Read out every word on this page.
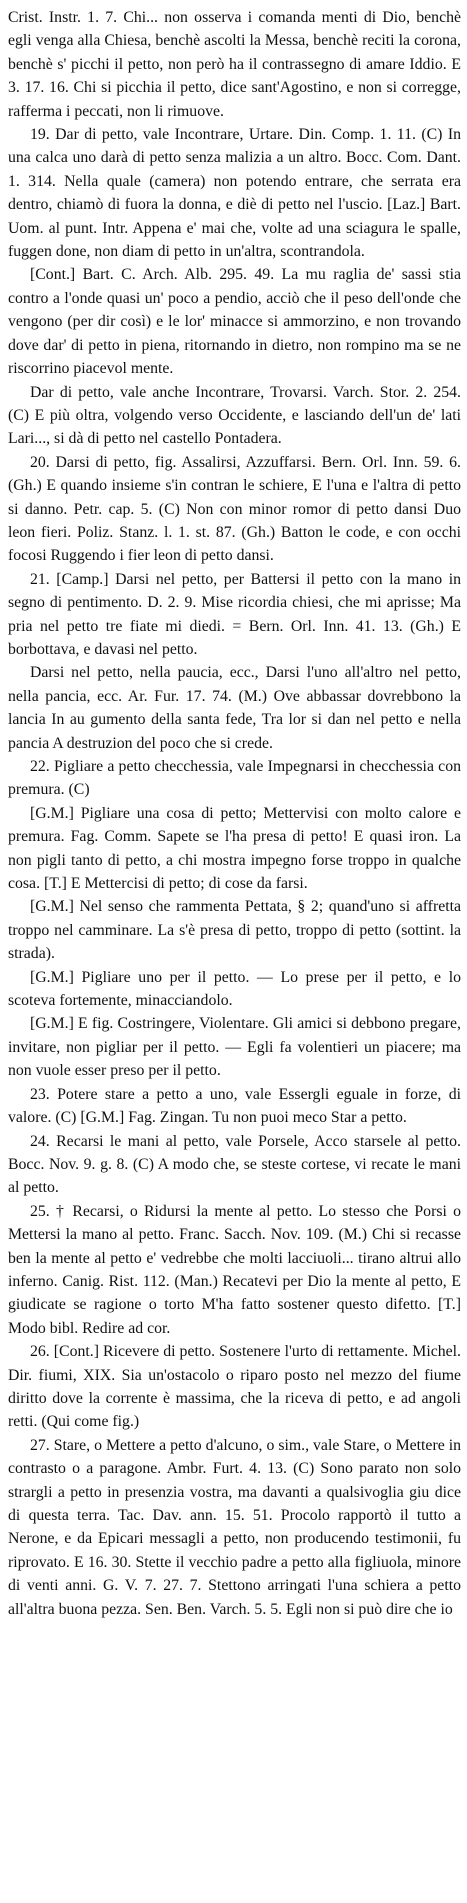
Crist. Instr. 1. 7. Chi... non osserva i comanda menti di Dio, benchè egli venga alla Chiesa, benchè ascolti la Messa, benchè reciti la corona, benchè s' picchi il petto, non però ha il contrassegno di amare Iddio. E 3. 17. 16. Chi si picchia il petto, dice sant'Agostino, e non si corregge, rafferma i peccati, non li rimuove.

19. Dar di petto, vale Incontrare, Urtare. Din. Comp. 1. 11. (C) In una calca uno darà di petto senza malizia a un altro. Bocc. Com. Dant. 1. 314. Nella quale (camera) non potendo entrare, che serrata era dentro, chiamò di fuora la donna, e diè di petto nel l'uscio. [Laz.] Bart. Uom. al punt. Intr. Appena e' mai che, volte ad una sciagura le spalle, fuggen done, non diam di petto in un'altra, scontrandola.

[Cont.] Bart. C. Arch. Alb. 295. 49. La mu raglia de' sassi stia contro a l'onde quasi un' poco a pendio, acciò che il peso dell'onde che vengono (per dir così) e le lor' minacce si ammorzino, e non trovando dove dar' di petto in piena, ritornando in dietro, non rompino ma se ne riscorrino piacevol mente.

Dar di petto, vale anche Incontrare, Trovarsi. Varch. Stor. 2. 254. (C) E più oltra, volgendo verso Occidente, e lasciando dell'un de' lati Lari..., si dà di petto nel castello Pontadera.

20. Darsi di petto, fig. Assalirsi, Azzuffarsi. Bern. Orl. Inn. 59. 6. (Gh.) E quando insieme s'in contran le schiere, E l'una e l'altra di petto si danno. Petr. cap. 5. (C) Non con minor romor di petto dansi Duo leon fieri. Poliz. Stanz. l. 1. st. 87. (Gh.) Batton le code, e con occhi focosi Ruggendo i fier leon di petto dansi.

21. [Camp.] Darsi nel petto, per Battersi il petto con la mano in segno di pentimento. D. 2. 9. Mise ricordia chiesi, che mi aprisse; Ma pria nel petto tre fiate mi diedi. = Bern. Orl. Inn. 41. 13. (Gh.) E borbottava, e davasi nel petto.

Darsi nel petto, nella paucia, ecc., Darsi l'uno all'altro nel petto, nella pancia, ecc. Ar. Fur. 17. 74. (M.) Ove abbassar dovrebbono la lancia In au gumento della santa fede, Tra lor si dan nel petto e nella pancia A destruzion del poco che si crede.

22. Pigliare a petto checchessia, vale Impegnarsi in checchessia con premura. (C)

[G.M.] Pigliare una cosa di petto; Mettervisi con molto calore e premura. Fag. Comm. Sapete se l'ha presa di petto! E quasi iron. La non pigli tanto di petto, a chi mostra impegno forse troppo in qualche cosa. [T.] E Mettercisi di petto; di cose da farsi.

[G.M.] Nel senso che rammenta Pettata, § 2; quand'uno si affretta troppo nel camminare. La s'è presa di petto, troppo di petto (sottint. la strada).

[G.M.] Pigliare uno per il petto. — Lo prese per il petto, e lo scoteva fortemente, minacciandolo.

[G.M.] E fig. Costringere, Violentare. Gli amici si debbono pregare, invitare, non pigliar per il petto. — Egli fa volentieri un piacere; ma non vuole esser preso per il petto.

23. Potere stare a petto a uno, vale Essergli eguale in forze, di valore. (C) [G.M.] Fag. Zingan. Tu non puoi meco Star a petto.

24. Recarsi le mani al petto, vale Porsele, Acco starsele al petto. Bocc. Nov. 9. g. 8. (C) A modo che, se steste cortese, vi recate le mani al petto.

25. † Recarsi, o Ridursi la mente al petto. Lo stesso che Porsi o Mettersi la mano al petto. Franc. Sacch. Nov. 109. (M.) Chi si recasse ben la mente al petto e' vedrebbe che molti lacciuoli... tirano altrui allo inferno. Canig. Rist. 112. (Man.) Recatevi per Dio la mente al petto, E giudicate se ragione o torto M'ha fatto sostener questo difetto. [T.] Modo bibl. Redire ad cor.

26. [Cont.] Ricevere di petto. Sostenere l'urto di rettamente. Michel. Dir. fiumi, XIX. Sia un'ostacolo o riparo posto nel mezzo del fiume diritto dove la corrente è massima, che la riceva di petto, e ad angoli retti. (Qui come fig.)

27. Stare, o Mettere a petto d'alcuno, o sim., vale Stare, o Mettere in contrasto o a paragone. Ambr. Furt. 4. 13. (C) Sono parato non solo strargli a petto in presenzia vostra, ma davanti a qualsivoglia giu dice di questa terra. Tac. Dav. ann. 15. 51. Procolo rapportò il tutto a Nerone, e da Epicari messagli a petto, non producendo testimonii, fu riprovato. E 16. 30. Stette il vecchio padre a petto alla figliuola, minore di venti anni. G. V. 7. 27. 7. Stettono arringati l'una schiera a petto all'altra buona pezza. Sen. Ben. Varch. 5. 5. Egli non si può dire che io
